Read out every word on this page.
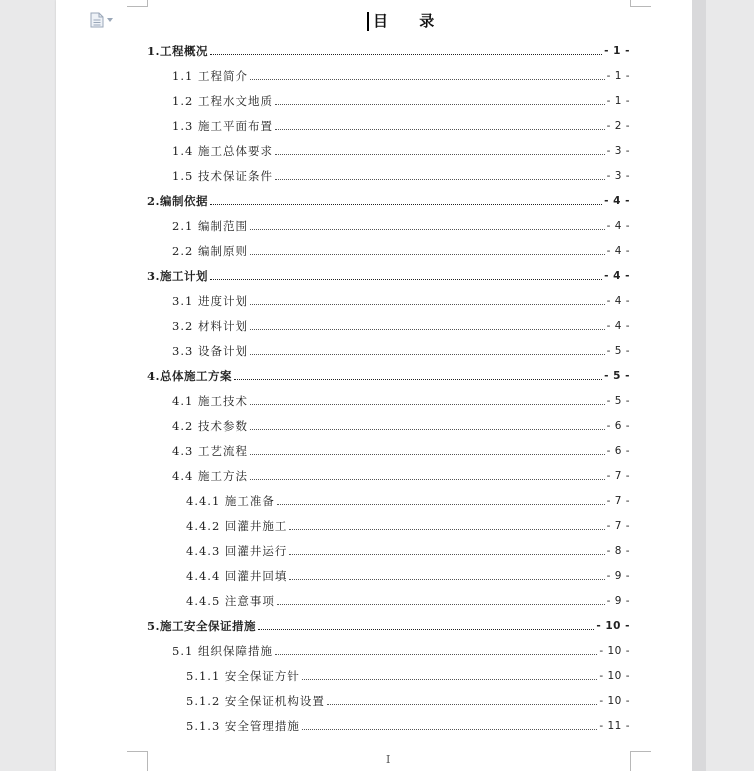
目 录
1.工程概况	- 1 -
1.1 工程简介	- 1 -
1.2 工程水文地质	- 1 -
1.3 施工平面布置	- 2 -
1.4 施工总体要求	- 3 -
1.5 技术保证条件	- 3 -
2.编制依据	- 4 -
2.1 编制范围	- 4 -
2.2 编制原则	- 4 -
3.施工计划	- 4 -
3.1 进度计划	- 4 -
3.2 材料计划	- 4 -
3.3 设备计划	- 5 -
4.总体施工方案	- 5 -
4.1 施工技术	- 5 -
4.2 技术参数	- 6 -
4.3 工艺流程	- 6 -
4.4 施工方法	- 7 -
4.4.1 施工准备	- 7 -
4.4.2 回灌井施工	- 7 -
4.4.3 回灌井运行	- 8 -
4.4.4 回灌井回填	- 9 -
4.4.5 注意事项	- 9 -
5.施工安全保证措施	- 10 -
5.1 组织保障措施	- 10 -
5.1.1 安全保证方针	- 10 -
5.1.2 安全保证机构设置	- 10 -
5.1.3 安全管理措施	- 11 -
I
